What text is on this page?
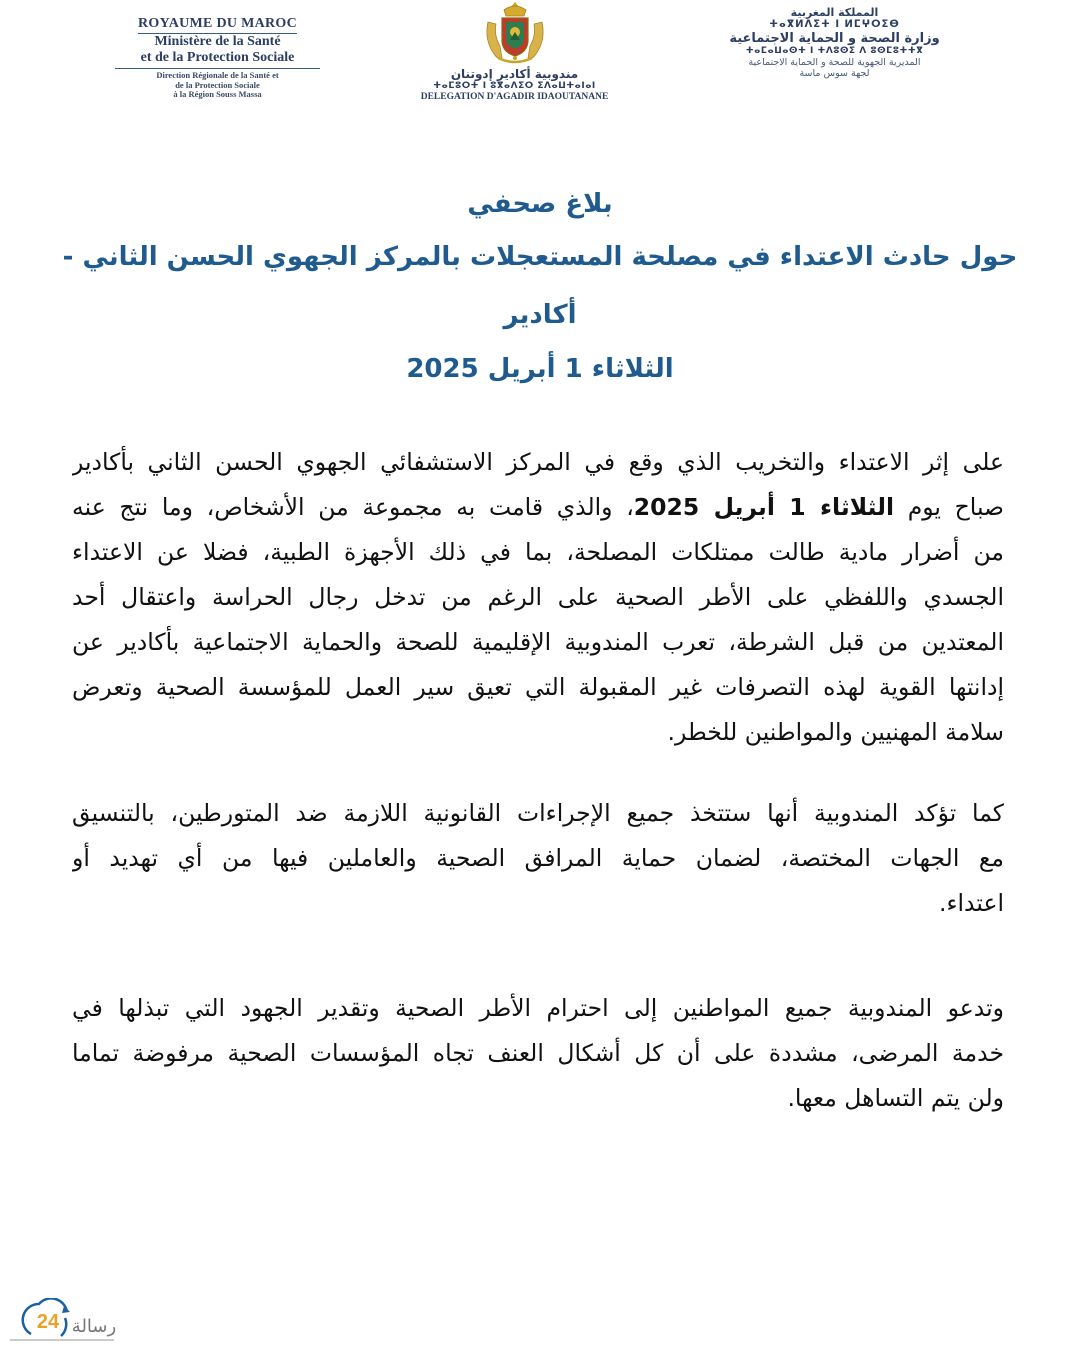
ROYAUME DU MAROC
Ministère de la Santé
et de la Protection Sociale
Direction Régionale de la Santé et
de la Protection Sociale
à la Région Souss Massa
مندوبية أكادير إدوتنان
ⵜⴰⵎⵓⵔⵜ ⵏ ⵓⴳⴰⴷⵉⵔ ⵉⴷⴰⵡⵜⴰⵏⴰⵏ
DELEGATION D'AGADIR IDAOUTANANE
المملكة المغربية
ⵜⴰⴳⵍⴷⵉⵜ ⵏ ⵍⵎⵖⵔⵉⴱ
وزارة الصحة و الحماية الاجتماعية
ⵜⴰⵎⴰⵡⴰⵙⵜ ⵏ ⵜⴷⵓⵙⵉ ⴷ ⵓⵙⵎⵓⵜⵜⴳ
المديرية الجهوية للصحة و الحماية الاجتماعية
لجهة سوس ماسة
بلاغ صحفي
حول حادث الاعتداء في مصلحة المستعجلات بالمركز الجهوي الحسن الثاني - أكادير
الثلاثاء 1 أبريل 2025
على إثر الاعتداء والتخريب الذي وقع في المركز الاستشفائي الجهوي الحسن الثاني بأكادير
صباح يوم الثلاثاء 1 أبريل 2025، والذي قامت به مجموعة من الأشخاص، وما نتج عنه
من أضرار مادية طالت ممتلكات المصلحة، بما في ذلك الأجهزة الطبية، فضلا عن الاعتداء
الجسدي واللفظي على الأطر الصحية على الرغم من تدخل رجال الحراسة واعتقال أحد
المعتدين من قبل الشرطة، تعرب المندوبية الإقليمية للصحة والحماية الاجتماعية بأكادير عن
إدانتها القوية لهذه التصرفات غير المقبولة التي تعيق سير العمل للمؤسسة الصحية وتعرض
سلامة المهنيين والمواطنين للخطر.
كما تؤكد المندوبية أنها ستتخذ جميع الإجراءات القانونية اللازمة ضد المتورطين، بالتنسيق
مع الجهات المختصة، لضمان حماية المرافق الصحية والعاملين فيها من أي تهديد أو
اعتداء.
وتدعو المندوبية جميع المواطنين إلى احترام الأطر الصحية وتقدير الجهود التي تبذلها في
خدمة المرضى، مشددة على أن كل أشكال العنف تجاه المؤسسات الصحية مرفوضة تماما
ولن يتم التساهل معها.
24 رسالة
